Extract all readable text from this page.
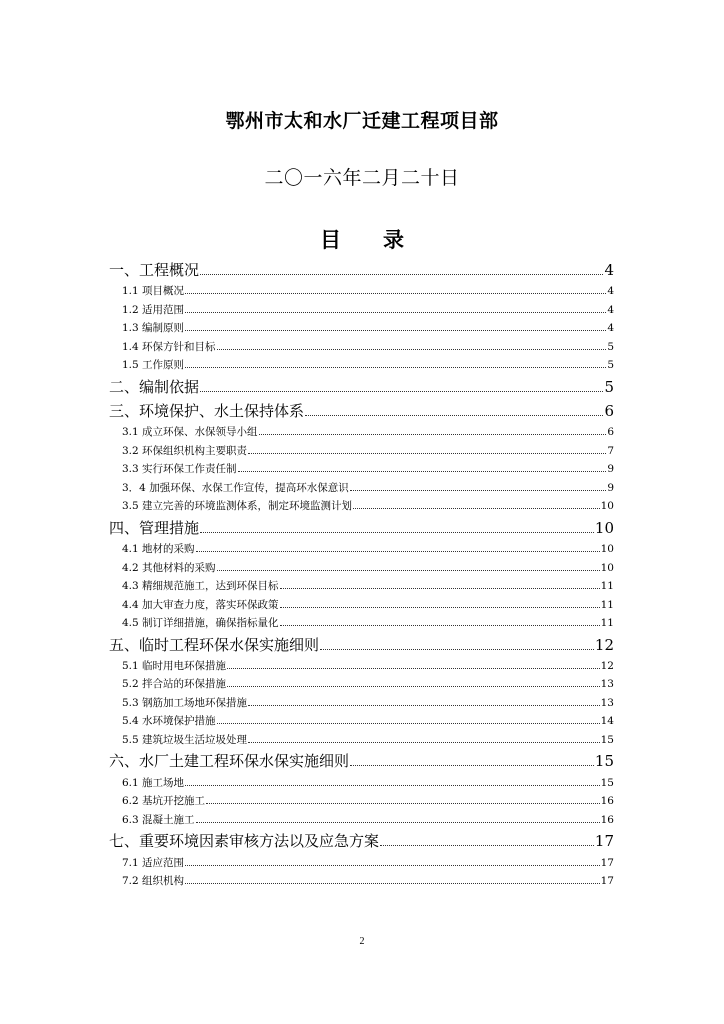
鄂州市太和水厂迁建工程项目部
二〇一六年二月二十日
目 录
一、工程概况	4
1.1 项目概况	4
1.2 适用范围	4
1.3 编制原则	4
1.4 环保方针和目标	5
1.5 工作原则	5
二、编制依据	5
三、环境保护、水土保持体系	6
3.1 成立环保、水保领导小组	6
3.2 环保组织机构主要职责	7
3.3 实行环保工作责任制	9
3．4 加强环保、水保工作宣传，提高环水保意识	9
3.5 建立完善的环境监测体系，制定环境监测计划	10
四、管理措施	10
4.1 地材的采购	10
4.2 其他材料的采购	10
4.3 精细规范施工，达到环保目标	11
4.4 加大审查力度，落实环保政策	11
4.5 制订详细措施，确保指标量化	11
五、临时工程环保水保实施细则	12
5.1 临时用电环保措施	12
5.2 拌合站的环保措施	13
5.3 钢筋加工场地环保措施	13
5.4 水环境保护措施	14
5.5 建筑垃圾生活垃圾处理	15
六、水厂土建工程环保水保实施细则	15
6.1 施工场地	15
6.2 基坑开挖施工	16
6.3 混凝土施工	16
七、重要环境因素审核方法以及应急方案	17
7.1 适应范围	17
7.2 组织机构	17
2
